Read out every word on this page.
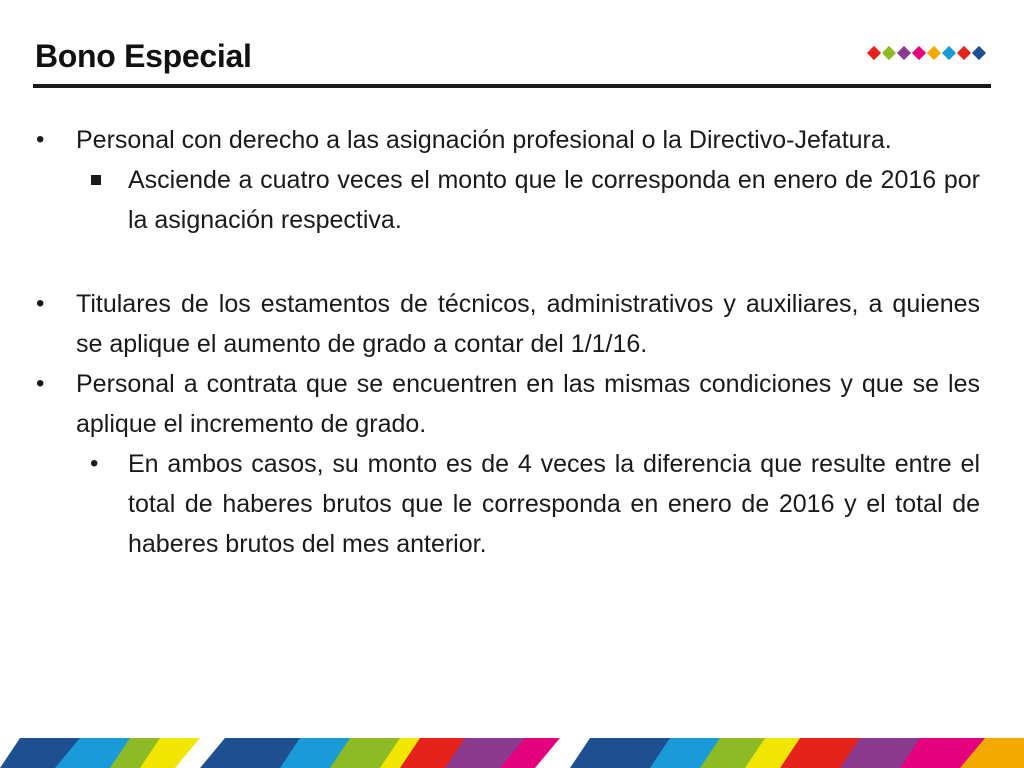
Bono Especial
• Personal con derecho a las asignación profesional o la Directivo-Jefatura.
Asciende a cuatro veces el monto que le corresponda en enero de 2016 por la asignación respectiva.
• Titulares de los estamentos de técnicos, administrativos y auxiliares, a quienes se aplique el aumento de grado a contar del 1/1/16.
• Personal a contrata que se encuentren en las mismas condiciones y que se les aplique el incremento de grado.
• En ambos casos, su monto es de 4 veces la diferencia que resulte entre el total de haberes brutos que le corresponda en enero de 2016 y el total de haberes brutos del mes anterior.
